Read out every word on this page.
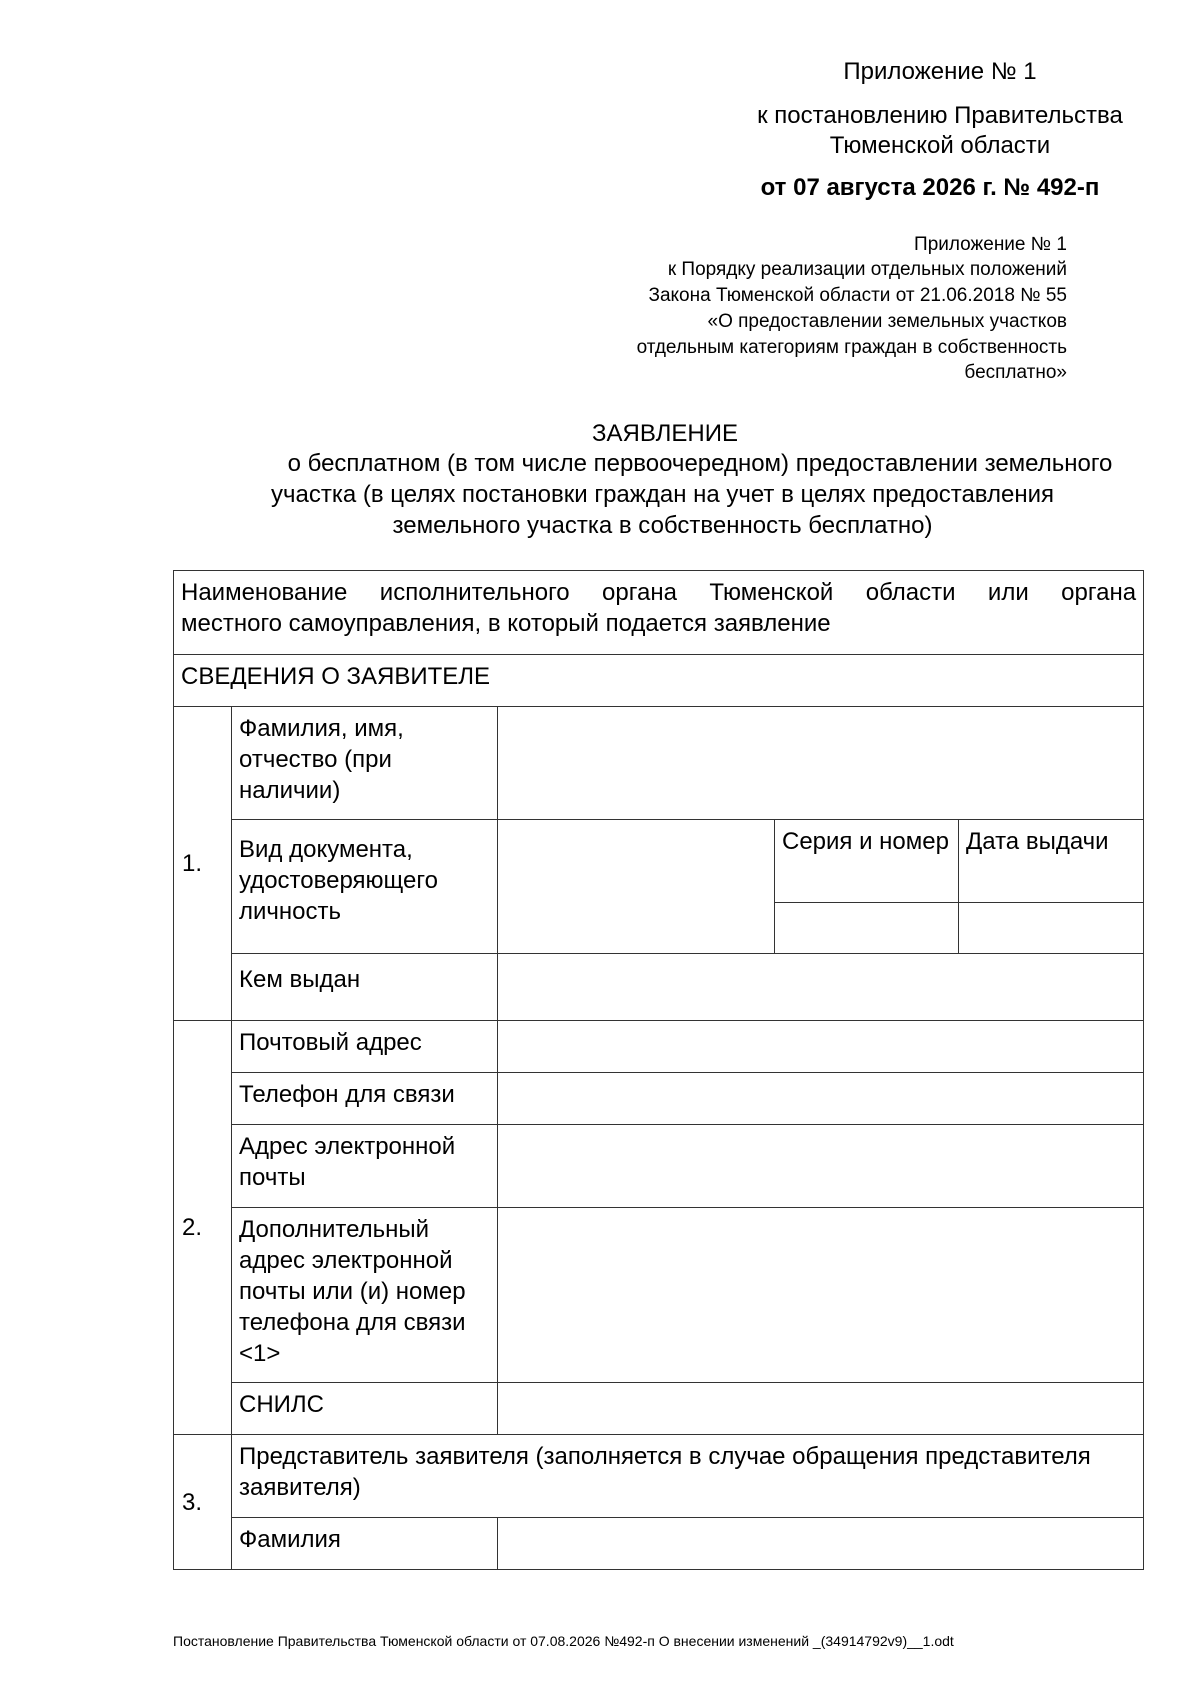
Приложение № 1
к постановлению Правительства
Тюменской области
от 07 августа 2026 г. № 492-п
Приложение № 1
к Порядку реализации отдельных положений
Закона Тюменской области от 21.06.2018 № 55
«О предоставлении земельных участков
отдельным категориям граждан в собственность
бесплатно»
ЗАЯВЛЕНИЕ
о бесплатном (в том числе первоочередном) предоставлении земельного
участка (в целях постановки граждан на учет в целях предоставления
земельного участка в собственность бесплатно)
Наименование исполнительного органа Тюменской области или органа
местного самоуправления, в который подается заявление				

СВЕДЕНИЯ О ЗАЯВИТЕЛЕ				
1.	Фамилия, имя, отчество (при наличии)			
	Вид документа, удостоверяющего личность		Серия и номер	Дата выдачи

	Кем выдан			
2.	Почтовый адрес			
	Телефон для связи			
	Адрес электронной почты			
	Дополнительный адрес электронной почты или (и) номер телефона для связи <1>			
	СНИЛС			
3.	Представитель заявителя (заполняется в случае обращения представителя заявителя)			
	Фамилия			
Постановление Правительства Тюменской области от 07.08.2026 №492-п О внесении изменений _(34914792v9)__1.odt
